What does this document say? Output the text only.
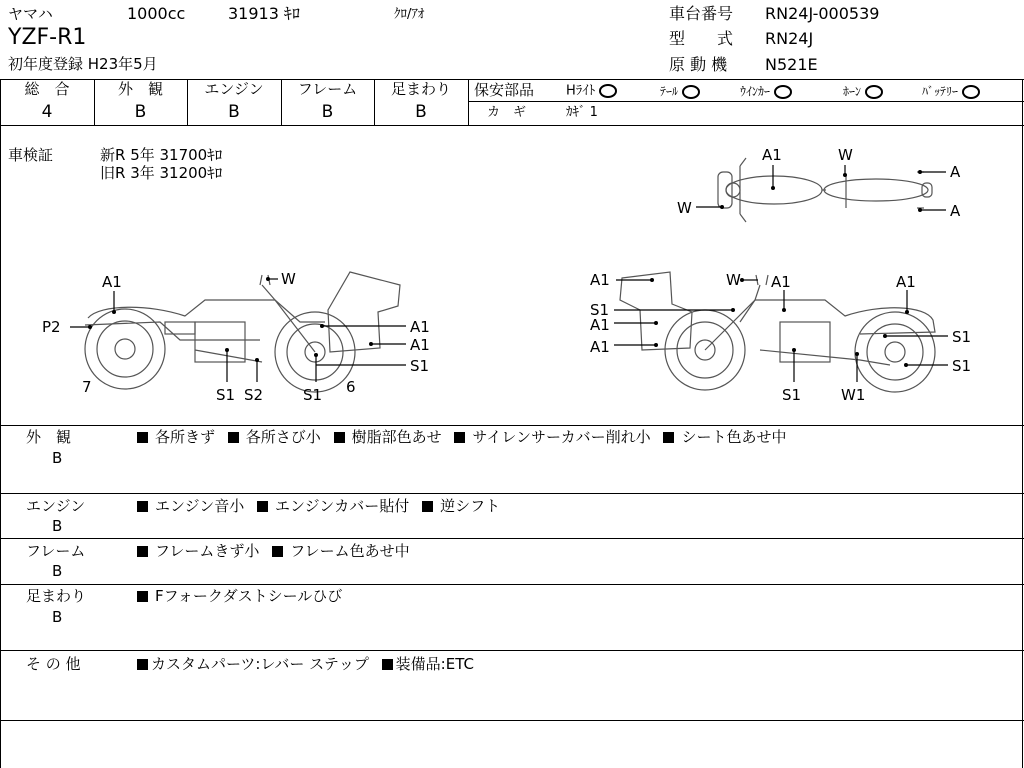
ヤマハ	1000cc	31913 ｷﾛ	ｸﾛ/ｱｵ
YZF-R1
初年度登録 H23年5月
車台番号 RN24J-000539
型　　式 RN24J
原 動 機 N521E
総　合
4
外　観
B
エンジン
B
フレーム
B
足まわり
B
保安部品 Hﾗｲﾄ	ﾃｰﾙ	ｳｲﾝｶｰ	ﾎｰﾝ	ﾊﾞｯﾃﾘｰ
カ　ギ	ｶｷﾞ 1
車検証	新R 5年 31700ｷﾛ
旧R 3年 31200ｷﾛ
A1	W
A
W	A
A1	W
P2	A1
A1
S1
7	S1 S2	S1 6
A1	W A1	A1
S1
A1
A1
S1
S1
S1	W1
外　観
B
各所きず 各所さび小 樹脂部色あせ サイレンサーカバー削れ小 シート色あせ中
エンジン
B
エンジン音小 エンジンカバー貼付 逆シフト
フレーム
B
フレームきず小 フレーム色あせ中
足まわり
B
Fフォークダストシールひび
そ の 他	カスタムパーツ:レバー ステップ 装備品:ETC
